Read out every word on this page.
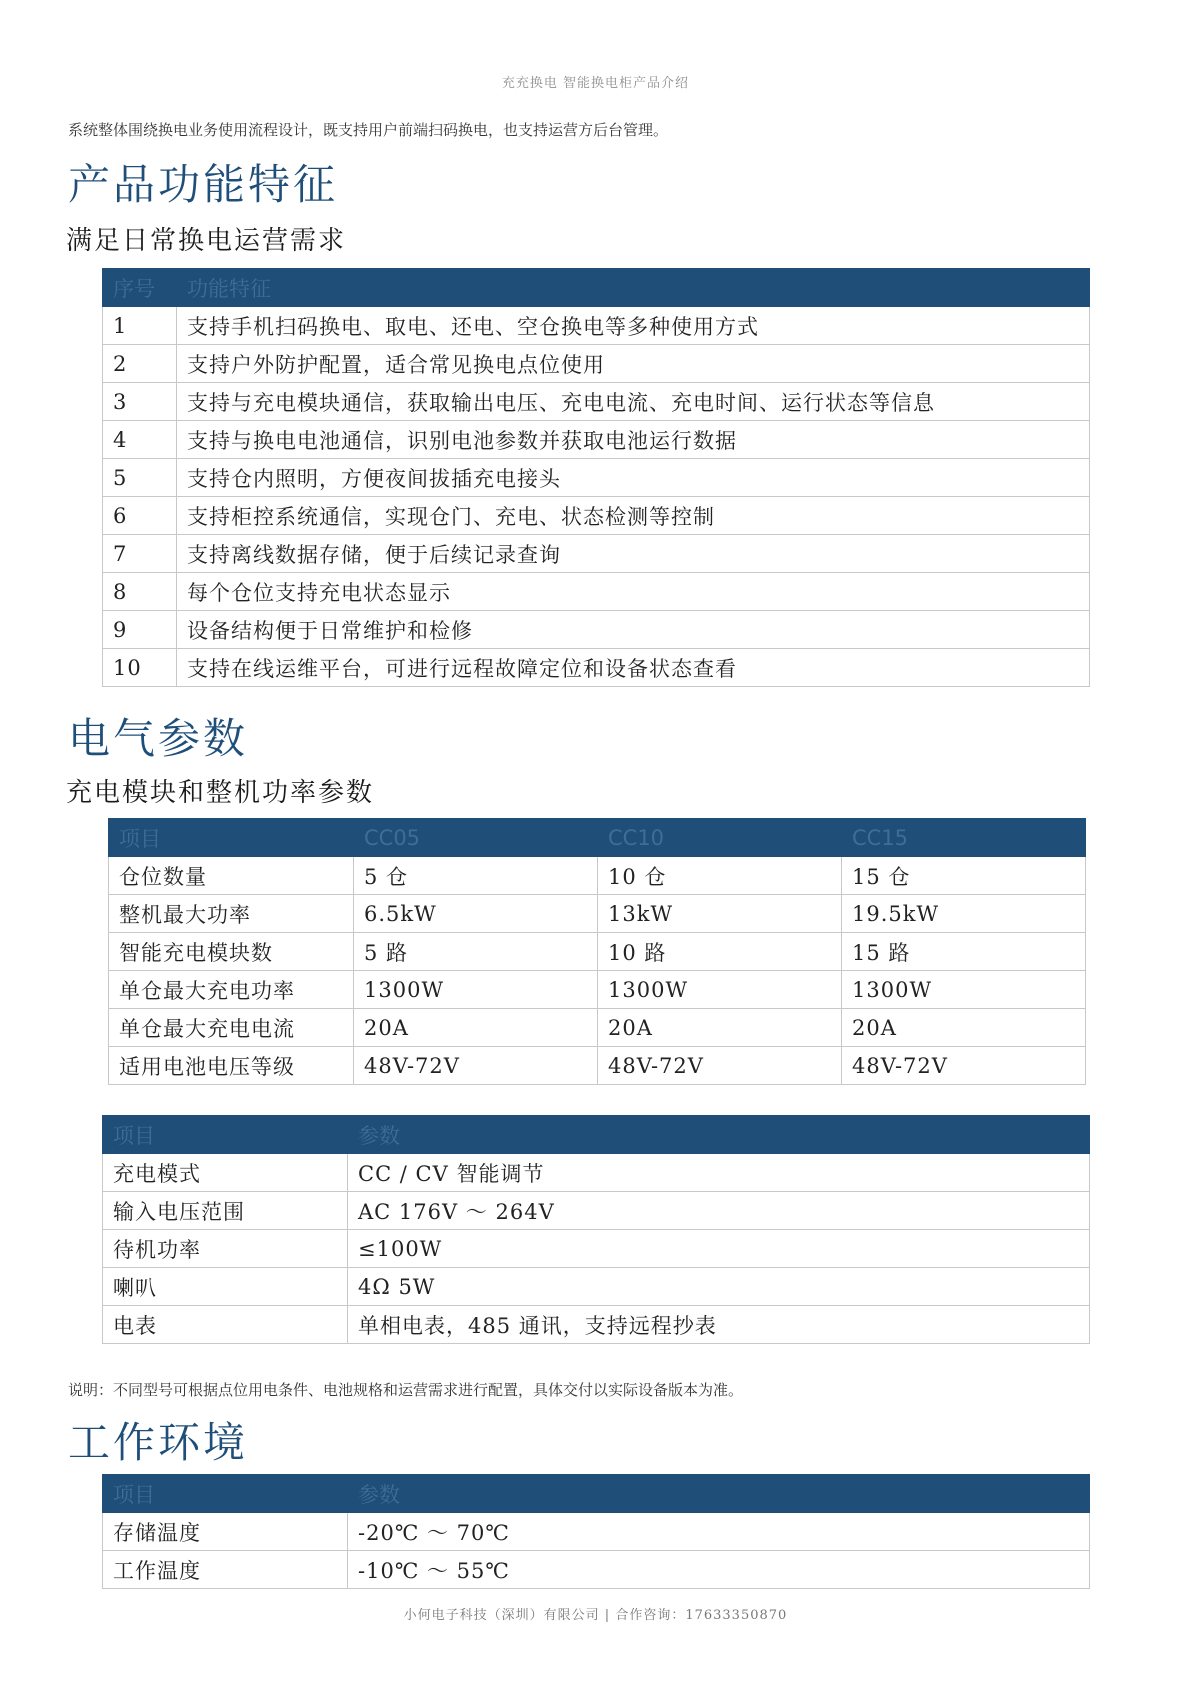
充充换电 智能换电柜产品介绍
系统整体围绕换电业务使用流程设计，既支持用户前端扫码换电，也支持运营方后台管理。
产品功能特征
满足日常换电运营需求
序号	功能特征
1	支持手机扫码换电、取电、还电、空仓换电等多种使用方式
2	支持户外防护配置，适合常见换电点位使用
3	支持与充电模块通信，获取输出电压、充电电流、充电时间、运行状态等信息
4	支持与换电电池通信，识别电池参数并获取电池运行数据
5	支持仓内照明，方便夜间拔插充电接头
6	支持柜控系统通信，实现仓门、充电、状态检测等控制
7	支持离线数据存储，便于后续记录查询
8	每个仓位支持充电状态显示
9	设备结构便于日常维护和检修
10	支持在线运维平台，可进行远程故障定位和设备状态查看
电气参数
充电模块和整机功率参数
项目	CC05	CC10	CC15
仓位数量	5 仓	10 仓	15 仓
整机最大功率	6.5kW	13kW	19.5kW
智能充电模块数	5 路	10 路	15 路
单仓最大充电功率	1300W	1300W	1300W
单仓最大充电电流	20A	20A	20A
适用电池电压等级	48V-72V	48V-72V	48V-72V
项目	参数
充电模式	CC / CV 智能调节
输入电压范围	AC 176V ～ 264V
待机功率	≤100W
喇叭	4Ω 5W
电表	单相电表，485 通讯，支持远程抄表
说明：不同型号可根据点位用电条件、电池规格和运营需求进行配置，具体交付以实际设备版本为准。
工作环境
项目	参数
存储温度	-20℃ ～ 70℃
工作温度	-10℃ ～ 55℃
小何电子科技（深圳）有限公司 | 合作咨询：17633350870
